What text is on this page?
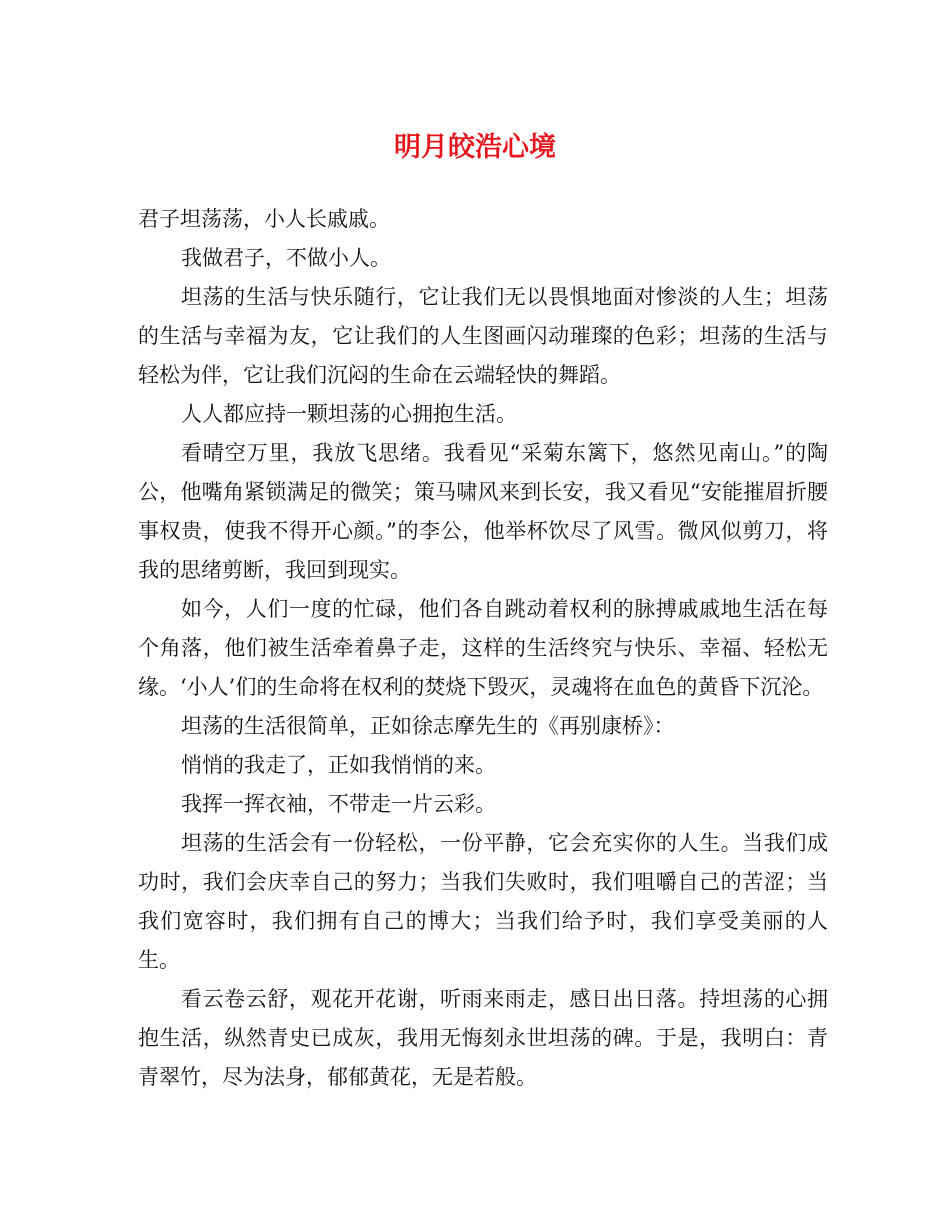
明月皎浩心境

君子坦荡荡，小人长戚戚。

我做君子，不做小人。

坦荡的生活与快乐随行，它让我们无以畏惧地面对惨淡的人生；坦荡的生活与幸福为友，它让我们的人生图画闪动璀璨的色彩；坦荡的生活与轻松为伴，它让我们沉闷的生命在云端轻快的舞蹈。

人人都应持一颗坦荡的心拥抱生活。

看晴空万里，我放飞思绪。我看见“采菊东篱下，悠然见南山。”的陶公，他嘴角紧锁满足的微笑；策马啸风来到长安，我又看见“安能摧眉折腰事权贵，使我不得开心颜。”的李公，他举杯饮尽了风雪。微风似剪刀，将我的思绪剪断，我回到现实。

如今，人们一度的忙碌，他们各自跳动着权利的脉搏戚戚地生活在每个角落，他们被生活牵着鼻子走，这样的生活终究与快乐、幸福、轻松无缘。‘小人’们的生命将在权利的焚烧下毁灭，灵魂将在血色的黄昏下沉沦。

坦荡的生活很简单，正如徐志摩先生的《再别康桥》：

悄悄的我走了，正如我悄悄的来。

我挥一挥衣袖，不带走一片云彩。

坦荡的生活会有一份轻松，一份平静，它会充实你的人生。当我们成功时，我们会庆幸自己的努力；当我们失败时，我们咀嚼自己的苦涩；当我们宽容时，我们拥有自己的博大；当我们给予时，我们享受美丽的人生。

看云卷云舒，观花开花谢，听雨来雨走，感日出日落。持坦荡的心拥抱生活，纵然青史已成灰，我用无悔刻永世坦荡的碑。于是，我明白：青青翠竹，尽为法身，郁郁黄花，无是若般。
